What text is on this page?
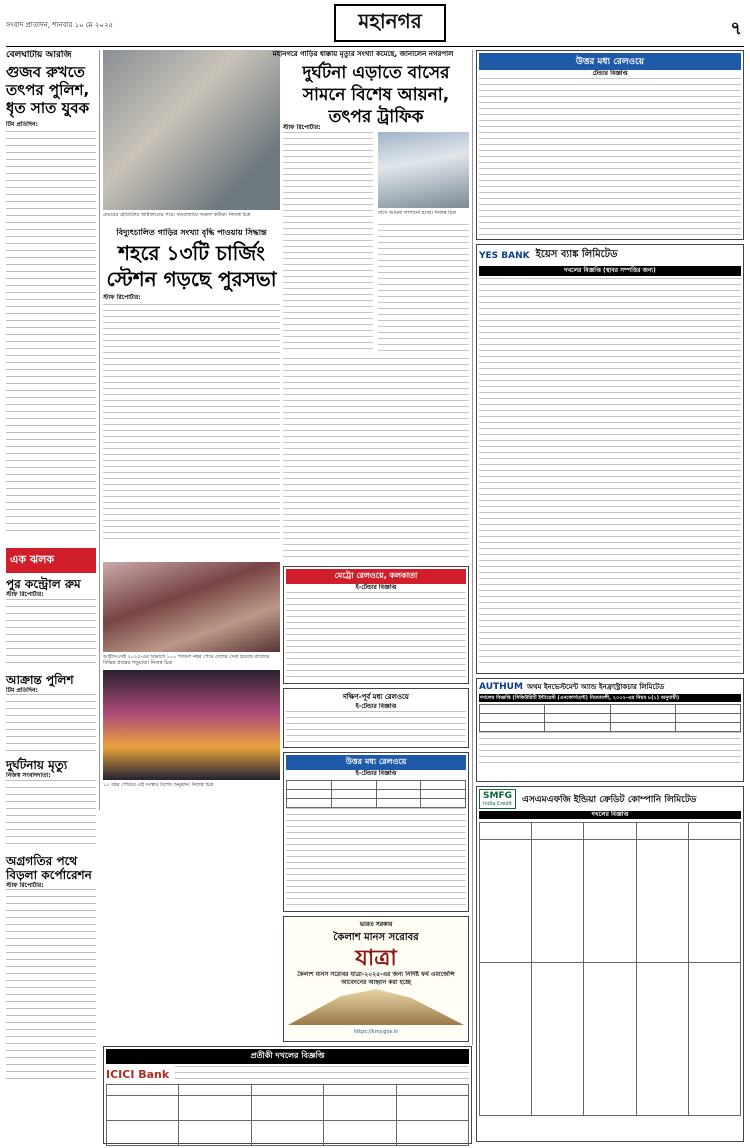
সংবাদ প্রতিদিন, শনিবার ১০ মে ২০২৫	মহানগর	৭
বেলঘাটায় আরজি
গুজব রুখতে তৎপর পুলিশ, ধৃত সাত যুবক
টিম প্রতিদিন:
এক ঝলক
পুর কন্ট্রোল রুম
স্টাফ রিপোর্টার:
আক্রান্ত পুলিশ
টিম প্রতিদিন:
দুর্ঘটনায় মৃত্যু
নিজস্ব সংবাদদাতা:
অগ্রগতির পথে বিড়লা কর্পোরেশন
স্টাফ রিপোর্টার:
মেয়রের হোটেলের অগ্নিকাণ্ডের পরে। বড়বাজারে দমকল কর্মীরা। নিজস্ব চিত্র
বিদ্যুৎচালিত গাড়ির সংখ্যা বৃদ্ধি পাওয়ায় সিদ্ধান্ত
শহরে ১৩টি চার্জিং স্টেশন গড়ছে পুরসভা
স্টাফ রিপোর্টার:
মহানগরে গাড়ির ধাক্কায় মৃত্যুর সংখ্যা কমেছে, জানালেন নগরপাল
দুর্ঘটনা এড়াতে বাসের সামনে বিশেষ আয়না, তৎপর ট্রাফিক
স্টাফ রিপোর্টার:
বাসে আয়না লাগানো হচ্ছে। নিজস্ব চিত্র
আইসিএসই ২০২৫-এর বিভাগে ১০০ শতাংশ নম্বর পেয়ে দেশের সেরা হয়েছে রাজ্যের বিভিন্ন প্রান্তের পড়ুয়ারা। নিজস্ব চিত্র
১০ বছর পেরিয়ে এই সংস্থার বিশেষ অনুষ্ঠান। নিজস্ব চিত্র
মেট্রো রেলওয়ে, কলকাতা
ই-টেন্ডার বিজ্ঞপ্তি
দক্ষিণ-পূর্ব মধ্য রেলওয়ে
ই-টেন্ডার বিজ্ঞপ্তি
উত্তর মধ্য রেলওয়ে
ই-টেন্ডার বিজ্ঞপ্তি

ভারত সরকার
কৈলাশ মানস সরোবর
যাত্রা
কৈলাশ মানস সরোবর যাত্রা-২০২৫-এর জন্য নির্দিষ্ট ফর্ম এমার্জেন্সি আবেদনের আহ্বান করা হচ্ছে
https://kmy.gov.in
উত্তর মধ্য রেলওয়ে
টেন্ডার বিজ্ঞপ্তি
YES BANK ইয়েস ব্যাঙ্ক লিমিটেড
দখলের বিজ্ঞপ্তি (স্থাবর সম্পত্তির জন্য)
AUTHUM অথম ইনভেস্টমেন্ট অ্যান্ড ইনফ্রাস্ট্রাকচার লিমিটেড
দখলের বিজ্ঞপ্তি (সিকিউরিটি ইন্টারেস্ট (এনফোর্সমেন্ট) নিয়মাবলী, ২০০২-এর নিয়ম ৮(১) অনুযায়ী)

SMFG
India Credit এসএমএফজি ইন্ডিয়া ক্রেডিট কোম্পানি লিমিটেড
দখলের বিজ্ঞপ্তি

প্রতীকী দখলের বিজ্ঞপ্তি
ICICI Bank
